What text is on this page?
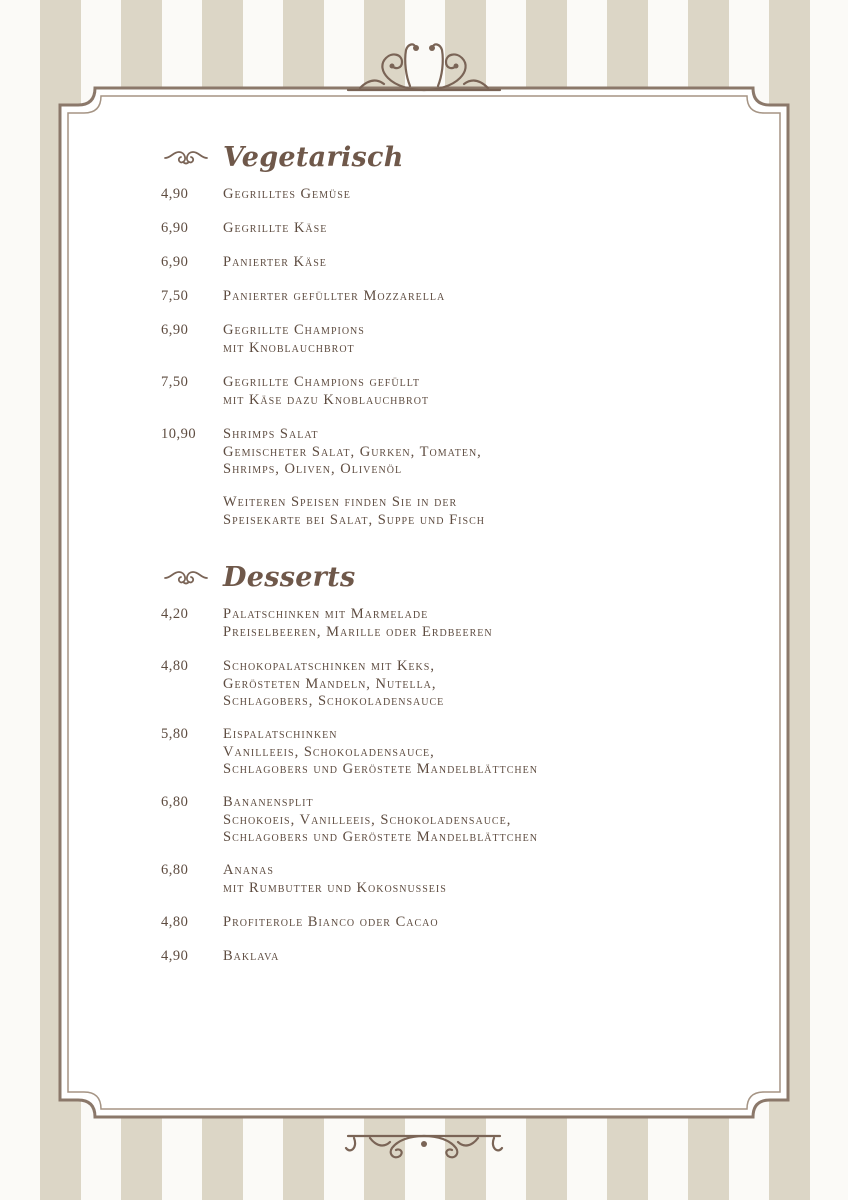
Vegetarisch
4,90	Gegrilltes Gemüse
6,90	Gegrillte Käse
6,90	Panierter Käse
7,50	Panierter gefüllter Mozzarella
6,90	Gegrillte Champions
mit Knoblauchbrot
7,50	Gegrillte Champions gefüllt
mit Käse dazu Knoblauchbrot
10,90	Shrimps Salat
Gemischeter Salat, Gurken, Tomaten,
Shrimps, Oliven, Olivenöl
Weiteren Speisen finden Sie in der
Speisekarte bei Salat, Suppe und Fisch
Desserts
4,20	Palatschinken mit Marmelade
Preiselbeeren, Marille oder Erdbeeren
4,80	Schokopalatschinken mit Keks,
Gerösteten Mandeln, Nutella,
Schlagobers, Schokoladensauce
5,80	Eispalatschinken
Vanilleeis, Schokoladensauce,
Schlagobers und Geröstete Mandelblättchen
6,80	Bananensplit
Schokoeis, Vanilleeis, Schokoladensauce,
Schlagobers und Geröstete Mandelblättchen
6,80	Ananas
mit Rumbutter und Kokosnusseis
4,80	Profiterole Bianco oder Cacao
4,90	Baklava
